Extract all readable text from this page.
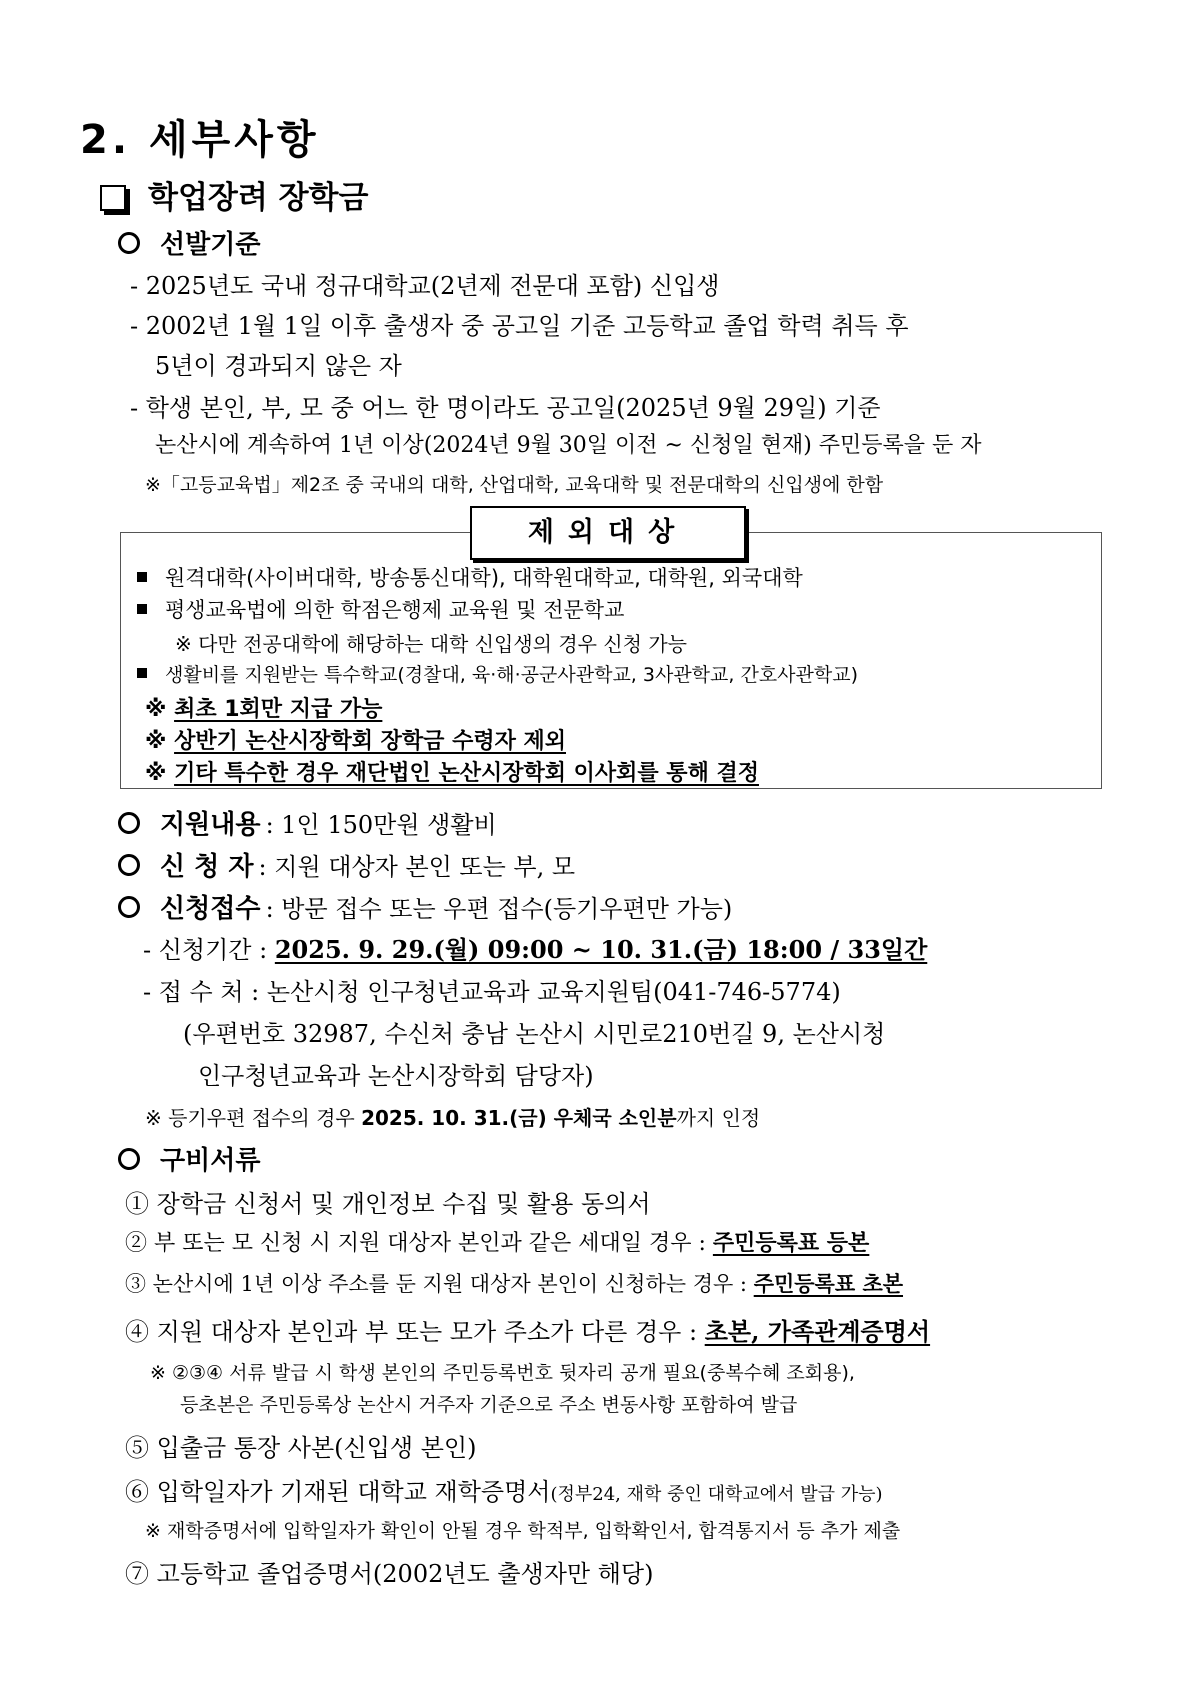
2. 세부사항
학업장려 장학금
선발기준
- 2025년도 국내 정규대학교(2년제 전문대 포함) 신입생
- 2002년 1월 1일 이후 출생자 중 공고일 기준 고등학교 졸업 학력 취득 후
5년이 경과되지 않은 자
- 학생 본인, 부, 모 중 어느 한 명이라도 공고일(2025년 9월 29일) 기준
논산시에 계속하여 1년 이상(2024년 9월 30일 이전 ~ 신청일 현재) 주민등록을 둔 자
※「고등교육법」제2조 중 국내의 대학, 산업대학, 교육대학 및 전문대학의 신입생에 한함
제외대상
원격대학(사이버대학, 방송통신대학), 대학원대학교, 대학원, 외국대학
평생교육법에 의한 학점은행제 교육원 및 전문학교
※ 다만 전공대학에 해당하는 대학 신입생의 경우 신청 가능
생활비를 지원받는 특수학교(경찰대, 육·해·공군사관학교, 3사관학교, 간호사관학교)
※ 최초 1회만 지급 가능
※ 상반기 논산시장학회 장학금 수령자 제외
※ 기타 특수한 경우 재단법인 논산시장학회 이사회를 통해 결정
지원내용 : 1인 150만원 생활비
신 청 자 : 지원 대상자 본인 또는 부, 모
신청접수 : 방문 접수 또는 우편 접수(등기우편만 가능)
- 신청기간 : 2025. 9. 29.(월) 09:00 ~ 10. 31.(금) 18:00 / 33일간
- 접 수 처 : 논산시청 인구청년교육과 교육지원팀(041-746-5774)
(우편번호 32987, 수신처 충남 논산시 시민로210번길 9, 논산시청
인구청년교육과 논산시장학회 담당자)
※ 등기우편 접수의 경우 2025. 10. 31.(금) 우체국 소인분까지 인정
구비서류
① 장학금 신청서 및 개인정보 수집 및 활용 동의서
② 부 또는 모 신청 시 지원 대상자 본인과 같은 세대일 경우 : 주민등록표 등본
③ 논산시에 1년 이상 주소를 둔 지원 대상자 본인이 신청하는 경우 : 주민등록표 초본
④ 지원 대상자 본인과 부 또는 모가 주소가 다른 경우 : 초본, 가족관계증명서
※ ②③④ 서류 발급 시 학생 본인의 주민등록번호 뒷자리 공개 필요(중복수혜 조회용),
등초본은 주민등록상 논산시 거주자 기준으로 주소 변동사항 포함하여 발급
⑤ 입출금 통장 사본(신입생 본인)
⑥ 입학일자가 기재된 대학교 재학증명서(정부24, 재학 중인 대학교에서 발급 가능)
※ 재학증명서에 입학일자가 확인이 안될 경우 학적부, 입학확인서, 합격통지서 등 추가 제출
⑦ 고등학교 졸업증명서(2002년도 출생자만 해당)
